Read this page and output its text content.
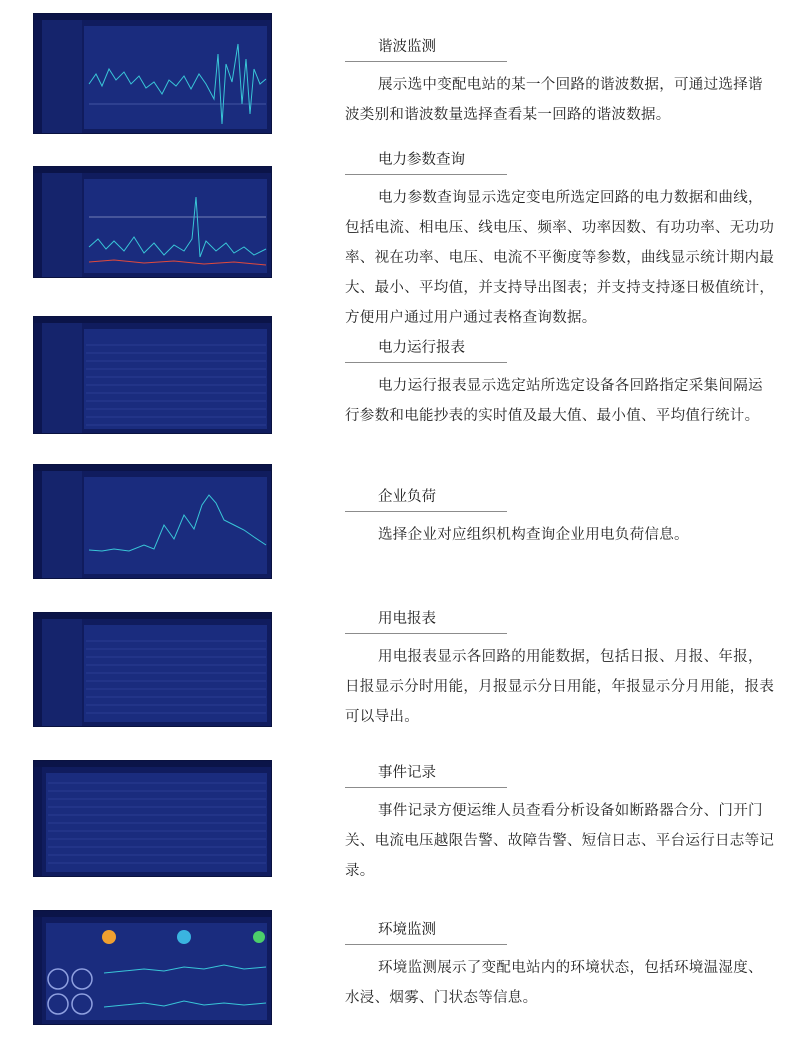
谐波监测
展示选中变配电站的某一个回路的谐波数据，可通过选择谐波类别和谐波数量选择查看某一回路的谐波数据。
电力参数查询
电力参数查询显示选定变电所选定回路的电力数据和曲线，包括电流、相电压、线电压、频率、功率因数、有功功率、无功功率、视在功率、电压、电流不平衡度等参数，曲线显示统计期内最大、最小、平均值，并支持导出图表；并支持支持逐日极值统计，方便用户通过用户通过表格查询数据。
电力运行报表
电力运行报表显示选定站所选定设备各回路指定采集间隔运行参数和电能抄表的实时值及最大值、最小值、平均值行统计。
企业负荷
选择企业对应组织机构查询企业用电负荷信息。
用电报表
用电报表显示各回路的用能数据，包括日报、月报、年报，日报显示分时用能，月报显示分日用能，年报显示分月用能，报表可以导出。
事件记录
事件记录方便运维人员查看分析设备如断路器合分、门开门关、电流电压越限告警、故障告警、短信日志、平台运行日志等记录。
环境监测
环境监测展示了变配电站内的环境状态，包括环境温湿度、水浸、烟雾、门状态等信息。
